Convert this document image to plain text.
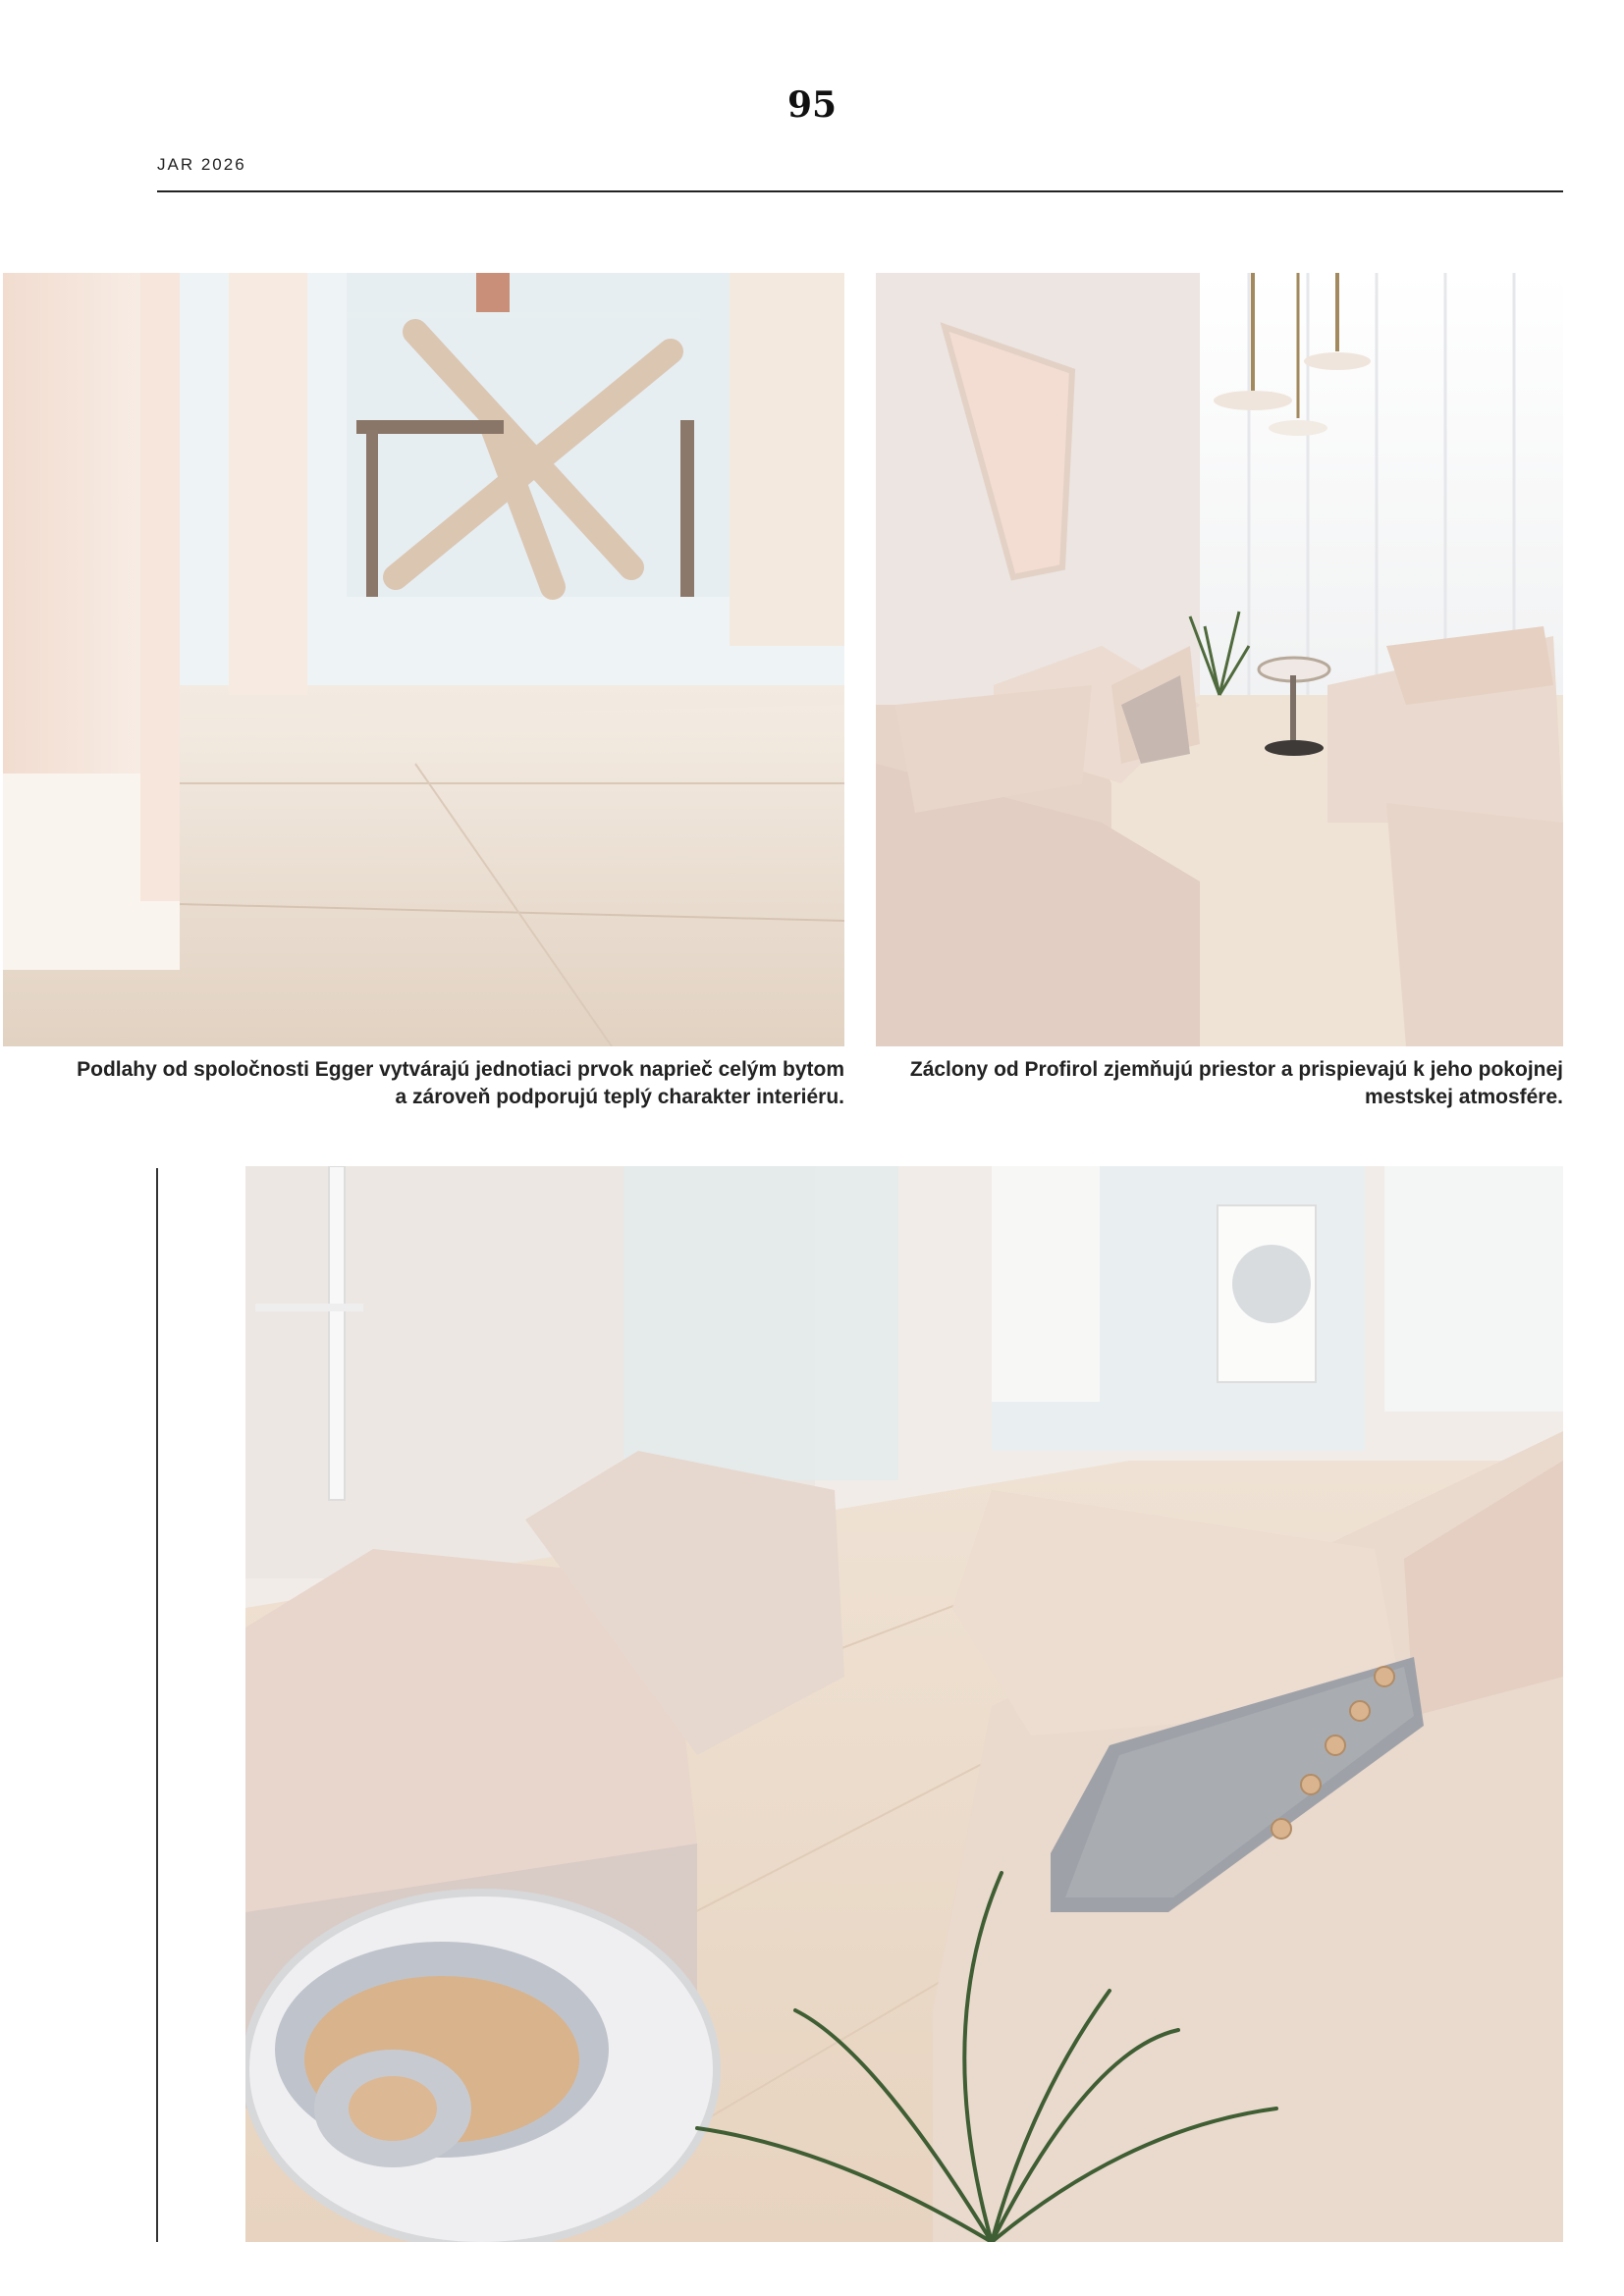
95
JAR 2026
Podlahy od spoločnosti Egger vytvárajú jednotiaci prvok naprieč celým bytom
a zároveň podporujú teplý charakter interiéru.
Záclony od Profirol zjemňujú priestor a prispievajú k jeho pokojnej
mestskej atmosfére.
